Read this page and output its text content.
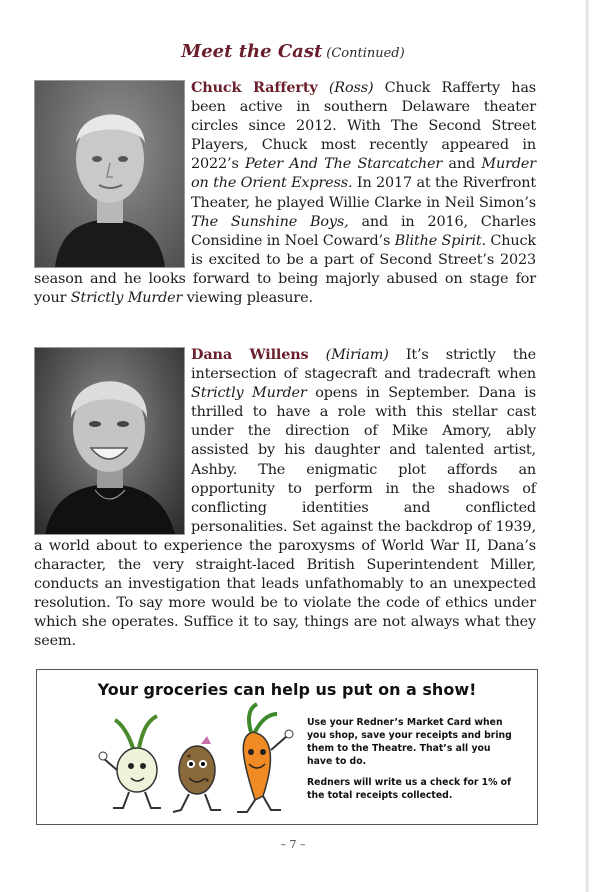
Meet the Cast (Continued)
Chuck Rafferty (Ross) Chuck Rafferty has been active in southern Delaware theater circles since 2012. With The Second Street Players, Chuck most recently appeared in 2022’s Peter And The Starcatcher and Murder on the Orient Express. In 2017 at the Riverfront Theater, he played Willie Clarke in Neil Simon’s The Sunshine Boys, and in 2016, Charles Considine in Noel Coward’s Blithe Spirit. Chuck is excited to be a part of Second Street’s 2023 season and he looks forward to being majorly abused on stage for your Strictly Murder viewing pleasure.
Dana Willens (Miriam) It’s strictly the intersection of stagecraft and tradecraft when Strictly Murder opens in September. Dana is thrilled to have a role with this stellar cast under the direction of Mike Amory, ably assisted by his daughter and talented artist, Ashby. The enigmatic plot affords an opportunity to perform in the shadows of conflicting identities and conflicted personalities. Set against the backdrop of 1939, a world about to experience the paroxysms of World War II, Dana’s character, the very straight-laced British Superintendent Miller, conducts an investigation that leads unfathomably to an unexpected resolution. To say more would be to violate the code of ethics under which she operates. Suffice it to say, things are not always what they seem.
Your groceries can help us put on a show!
Use your Redner’s Market Card when you shop, save your receipts and bring them to the Theatre. That’s all you have to do.
Redners will write us a check for 1% of the total receipts collected.
– 7 –
